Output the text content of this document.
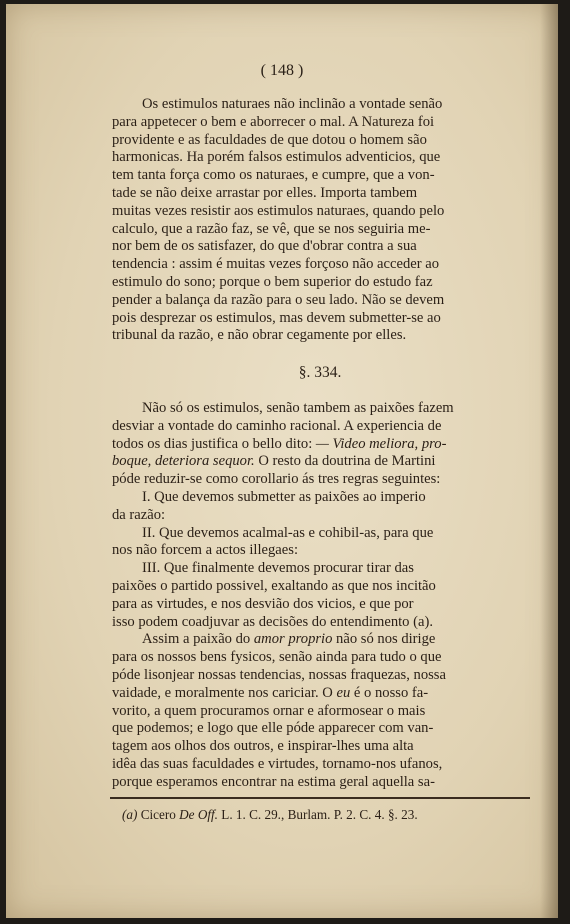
( 148 )
Os estimulos naturaes não inclinão a vontade senão
para appetecer o bem e aborrecer o mal. A Natureza foi
providente e as faculdades de que dotou o homem são
harmonicas. Ha porém falsos estimulos adventicios, que
tem tanta força como os naturaes, e cumpre, que a von-
tade se não deixe arrastar por elles. Importa tambem
muitas vezes resistir aos estimulos naturaes, quando pelo
calculo, que a razão faz, se vê, que se nos seguiria me-
nor bem de os satisfazer, do que d'obrar contra a sua
tendencia : assim é muitas vezes forçoso não acceder ao
estimulo do sono; porque o bem superior do estudo faz
pender a balança da razão para o seu lado. Não se devem
pois desprezar os estimulos, mas devem submetter-se ao
tribunal da razão, e não obrar cegamente por elles.
§. 334.
Não só os estimulos, senão tambem as paixões fazem
desviar a vontade do caminho racional. A experiencia de
todos os dias justifica o bello dito: — Video meliora, pro-
boque, deteriora sequor. O resto da doutrina de Martini
póde reduzir-se como corollario ás tres regras seguintes:
I. Que devemos submetter as paixões ao imperio
da razão:
II. Que devemos acalmal-as e cohibil-as, para que
nos não forcem a actos illegaes:
III. Que finalmente devemos procurar tirar das
paixões o partido possivel, exaltando as que nos incitão
para as virtudes, e nos desvião dos vicios, e que por
isso podem coadjuvar as decisões do entendimento (a).
Assim a paixão do amor proprio não só nos dirige
para os nossos bens fysicos, senão ainda para tudo o que
póde lisonjear nossas tendencias, nossas fraquezas, nossa
vaidade, e moralmente nos cariciar. O eu é o nosso fa-
vorito, a quem procuramos ornar e aformosear o mais
que podemos; e logo que elle póde apparecer com van-
tagem aos olhos dos outros, e inspirar-lhes uma alta
idêa das suas faculdades e virtudes, tornamo-nos ufanos,
porque esperamos encontrar na estima geral aquella sa-
(a) Cicero De Off. L. 1. C. 29., Burlam. P. 2. C. 4. §. 23.
